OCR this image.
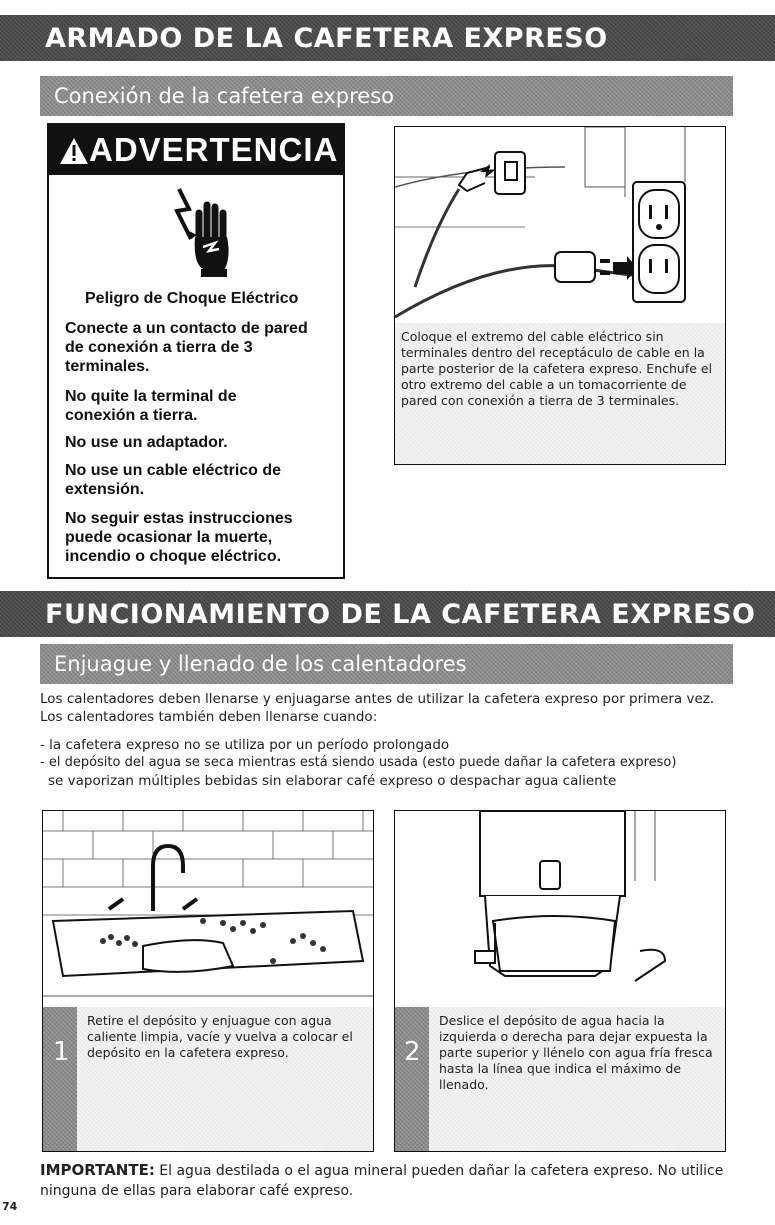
ARMADO DE LA CAFETERA EXPRESO
Conexión de la cafetera expreso
ADVERTENCIA
Peligro de Choque Eléctrico
Conecte a un contacto de pared de conexión a tierra de 3 terminales.
No quite la terminal de conexión a tierra.
No use un adaptador.
No use un cable eléctrico de extensión.
No seguir estas instrucciones puede ocasionar la muerte, incendio o choque eléctrico.
Coloque el extremo del cable eléctrico sin terminales dentro del receptáculo de cable en la parte posterior de la cafetera expreso. Enchufe el otro extremo del cable a un tomacorriente de pared con conexión a tierra de 3 terminales.
FUNCIONAMIENTO DE LA CAFETERA EXPRESO
Enjuague y llenado de los calentadores
Los calentadores deben llenarse y enjuagarse antes de utilizar la cafetera expreso por primera vez. Los calentadores también deben llenarse cuando:
- la cafetera expreso no se utiliza por un período prolongado
- el depósito del agua se seca mientras está siendo usada (esto puede dañar la cafetera expreso)
se vaporizan múltiples bebidas sin elaborar café expreso o despachar agua caliente
1
Retire el depósito y enjuague con agua caliente limpia, vacíe y vuelva a colocar el depósito en la cafetera expreso.	2
Deslice el depósito de agua hacia la izquierda o derecha para dejar expuesta la parte superior y llénelo con agua fría fresca hasta la línea que indica el máximo de llenado.
IMPORTANTE: El agua destilada o el agua mineral pueden dañar la cafetera expreso. No utilice ninguna de ellas para elaborar café expreso.
74
